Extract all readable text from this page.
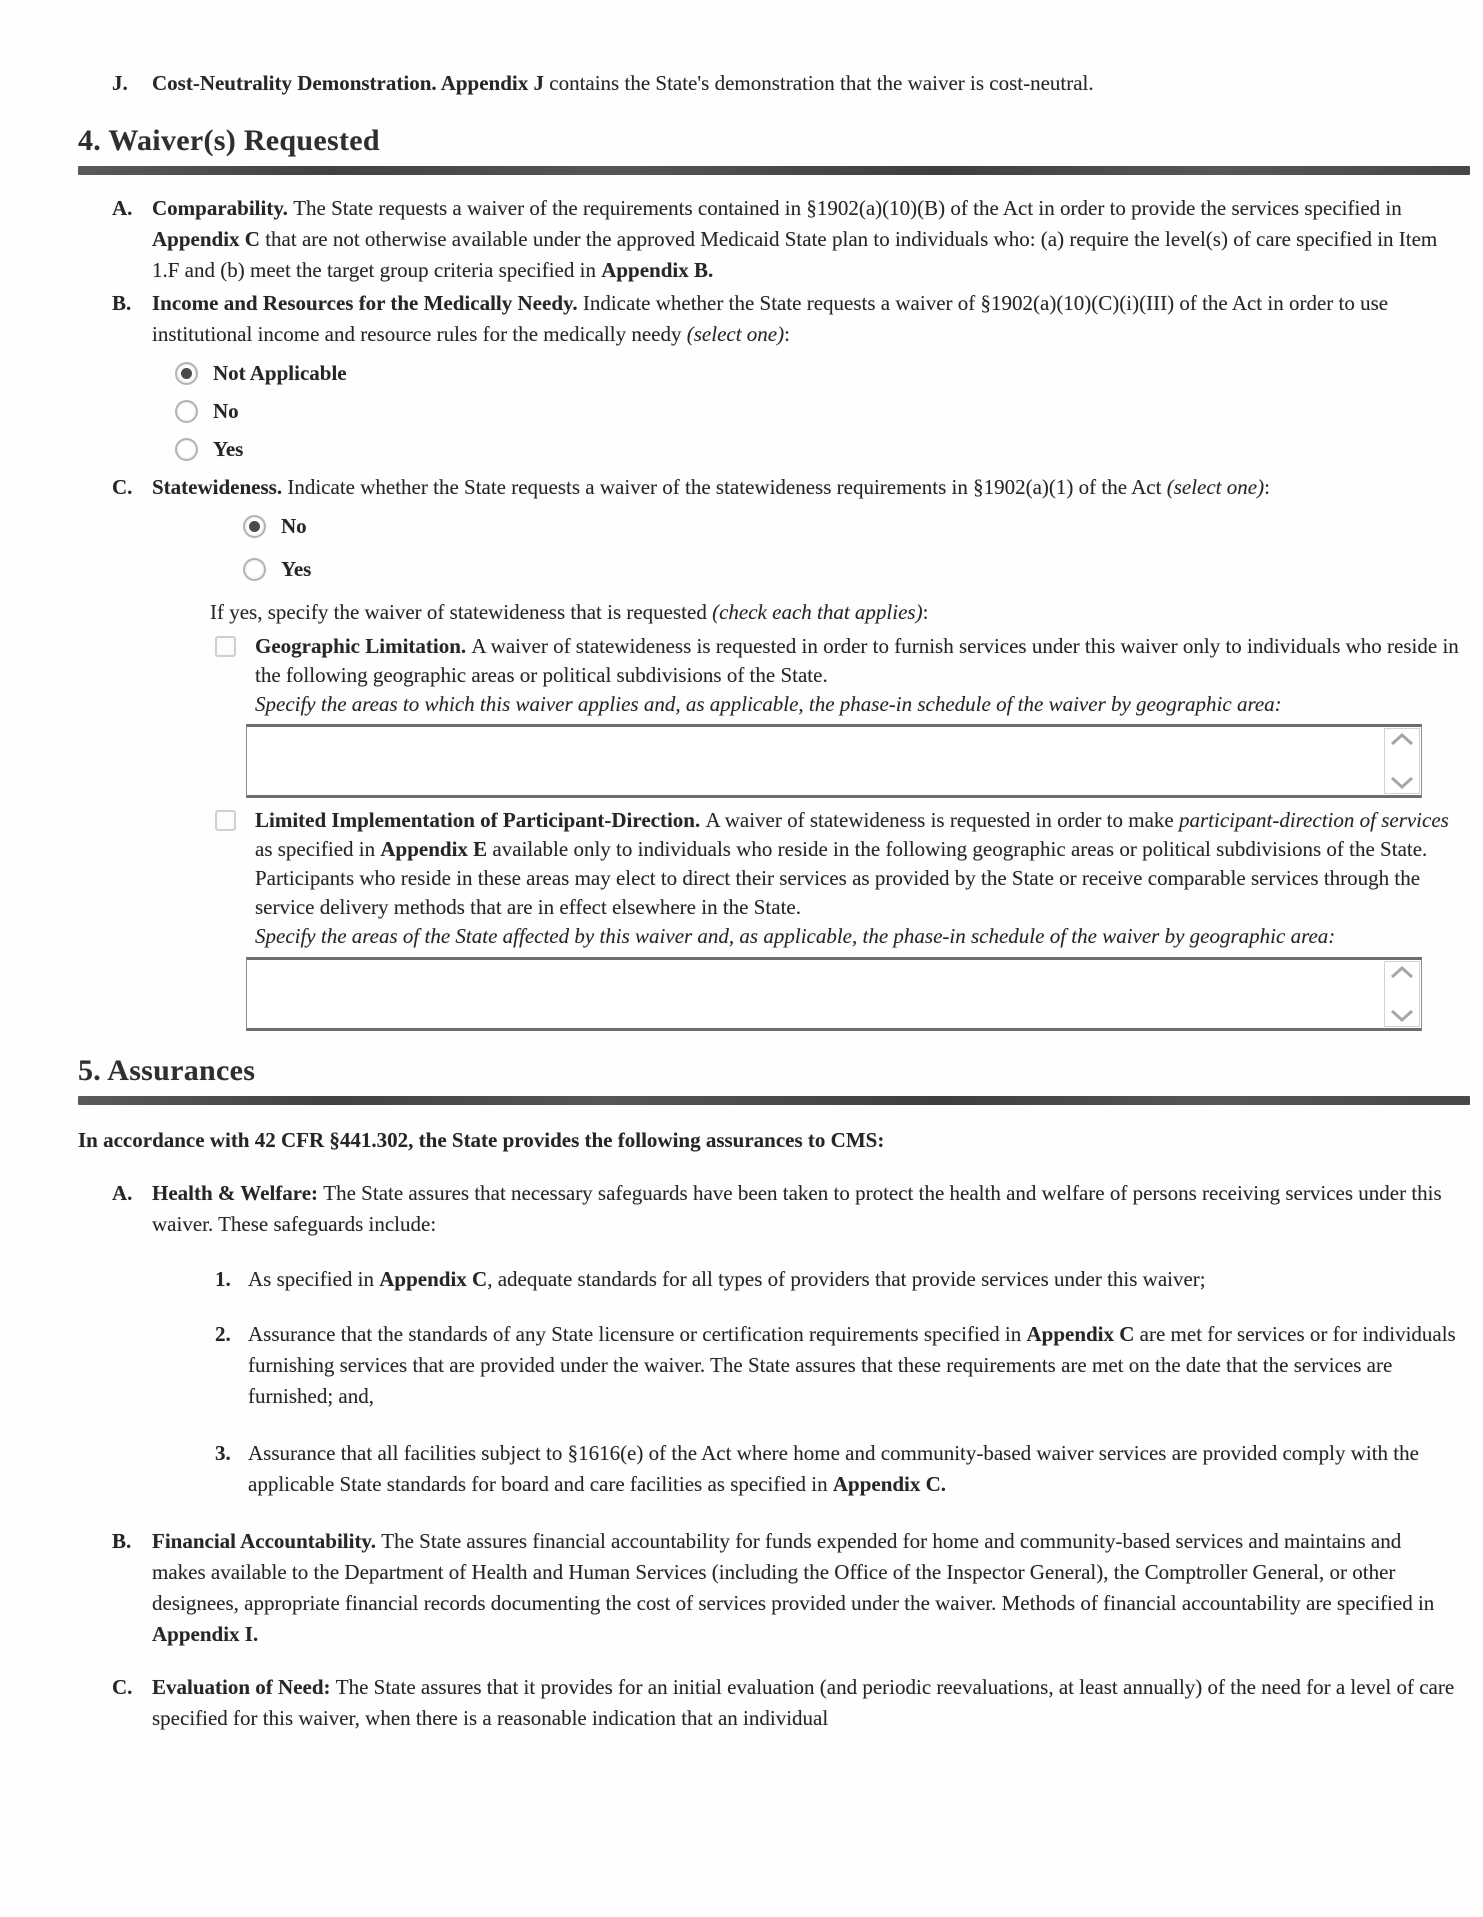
J.	Cost-Neutrality Demonstration. Appendix J contains the State's demonstration that the waiver is cost-neutral.
4. Waiver(s) Requested
A. Comparability. The State requests a waiver of the requirements contained in §1902(a)(10)(B) of the Act in order to provide the services specified in Appendix C that are not otherwise available under the approved Medicaid State plan to individuals who: (a) require the level(s) of care specified in Item 1.F and (b) meet the target group criteria specified in Appendix B.
B. Income and Resources for the Medically Needy. Indicate whether the State requests a waiver of §1902(a)(10)(C)(i)(III) of the Act in order to use institutional income and resource rules for the medically needy (select one):
Not Applicable
No
Yes
C. Statewideness. Indicate whether the State requests a waiver of the statewideness requirements in §1902(a)(1) of the Act (select one):
No
Yes
If yes, specify the waiver of statewideness that is requested (check each that applies):
Geographic Limitation. A waiver of statewideness is requested in order to furnish services under this waiver only to individuals who reside in the following geographic areas or political subdivisions of the State.
Specify the areas to which this waiver applies and, as applicable, the phase-in schedule of the waiver by geographic area:
Limited Implementation of Participant-Direction. A waiver of statewideness is requested in order to make participant-direction of services as specified in Appendix E available only to individuals who reside in the following geographic areas or political subdivisions of the State. Participants who reside in these areas may elect to direct their services as provided by the State or receive comparable services through the service delivery methods that are in effect elsewhere in the State.
Specify the areas of the State affected by this waiver and, as applicable, the phase-in schedule of the waiver by geographic area:
5. Assurances
In accordance with 42 CFR §441.302, the State provides the following assurances to CMS:
A. Health & Welfare: The State assures that necessary safeguards have been taken to protect the health and welfare of persons receiving services under this waiver. These safeguards include:
1. As specified in Appendix C, adequate standards for all types of providers that provide services under this waiver;
2. Assurance that the standards of any State licensure or certification requirements specified in Appendix C are met for services or for individuals furnishing services that are provided under the waiver. The State assures that these requirements are met on the date that the services are furnished; and,
3. Assurance that all facilities subject to §1616(e) of the Act where home and community-based waiver services are provided comply with the applicable State standards for board and care facilities as specified in Appendix C.
B. Financial Accountability. The State assures financial accountability for funds expended for home and community-based services and maintains and makes available to the Department of Health and Human Services (including the Office of the Inspector General), the Comptroller General, or other designees, appropriate financial records documenting the cost of services provided under the waiver. Methods of financial accountability are specified in Appendix I.
C. Evaluation of Need: The State assures that it provides for an initial evaluation (and periodic reevaluations, at least annually) of the need for a level of care specified for this waiver, when there is a reasonable indication that an individual
